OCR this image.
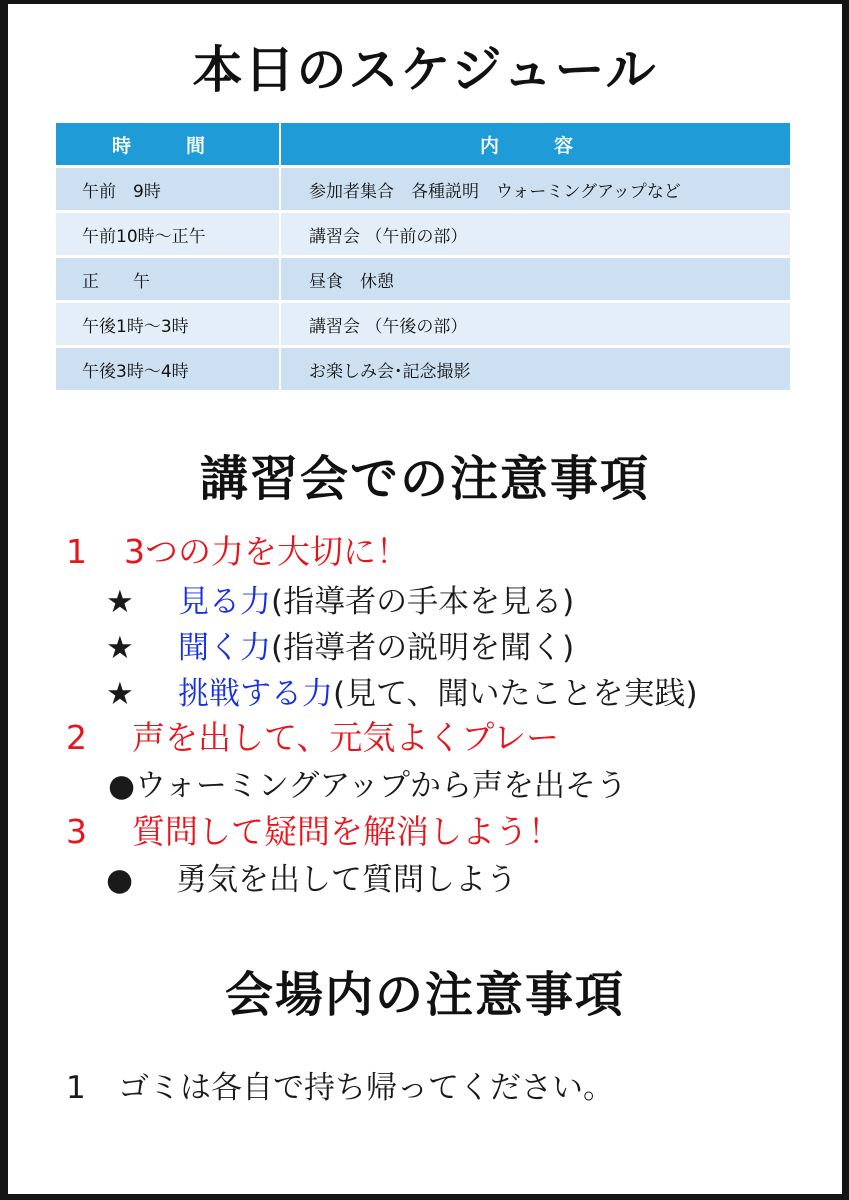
本日のスケジュール
時　間	内　容
午前　9時	参加者集合　各種説明　ウォーミングアップなど
午前10時～正午	講習会 （午前の部）
正　　午	昼食　休憩
午後1時～3時	講習会 （午後の部）
午後3時～4時	お楽しみ会･記念撮影
講習会での注意事項
1 3つの力を大切に！
★ 見る力(指導者の手本を見る)
★ 聞く力(指導者の説明を聞く)
★ 挑戦する力(見て、聞いたことを実践)
2 声を出して、元気よくプレー
●ウォーミングアップから声を出そう
3 質問して疑問を解消しよう！
● 勇気を出して質問しよう
会場内の注意事項
1 ゴミは各自で持ち帰ってください。
